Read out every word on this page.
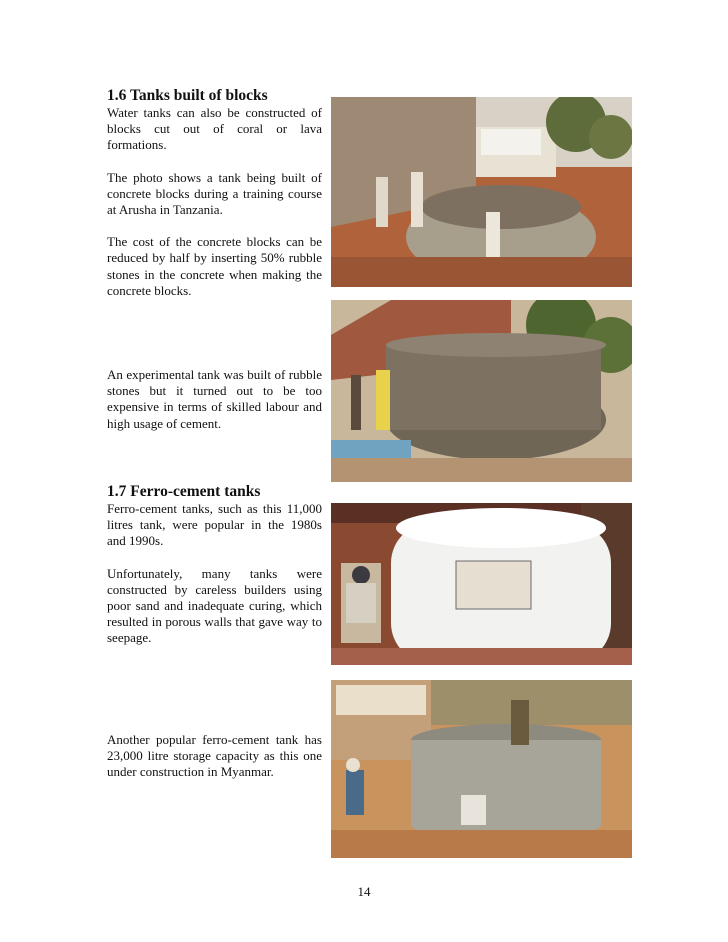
1.6 Tanks built of blocks

Water tanks can also be constructed of blocks cut out of coral or lava formations.

The photo shows a tank being built of concrete blocks during a training course at Arusha in Tanzania.

The cost of the concrete blocks can be reduced by half by inserting 50% rubble stones in the concrete when making the concrete blocks.

An experimental tank was built of rubble stones but it turned out to be too expensive in terms of skilled labour and high usage of cement.

1.7 Ferro-cement tanks

Ferro-cement tanks, such as this 11,000 litres tank, were popular in the 1980s and 1990s.

Unfortunately, many tanks were constructed by careless builders using poor sand and inadequate curing, which resulted in porous walls that gave way to seepage.

Another popular ferro-cement tank has 23,000 litre storage capacity as this one under construction in Myanmar.

14
